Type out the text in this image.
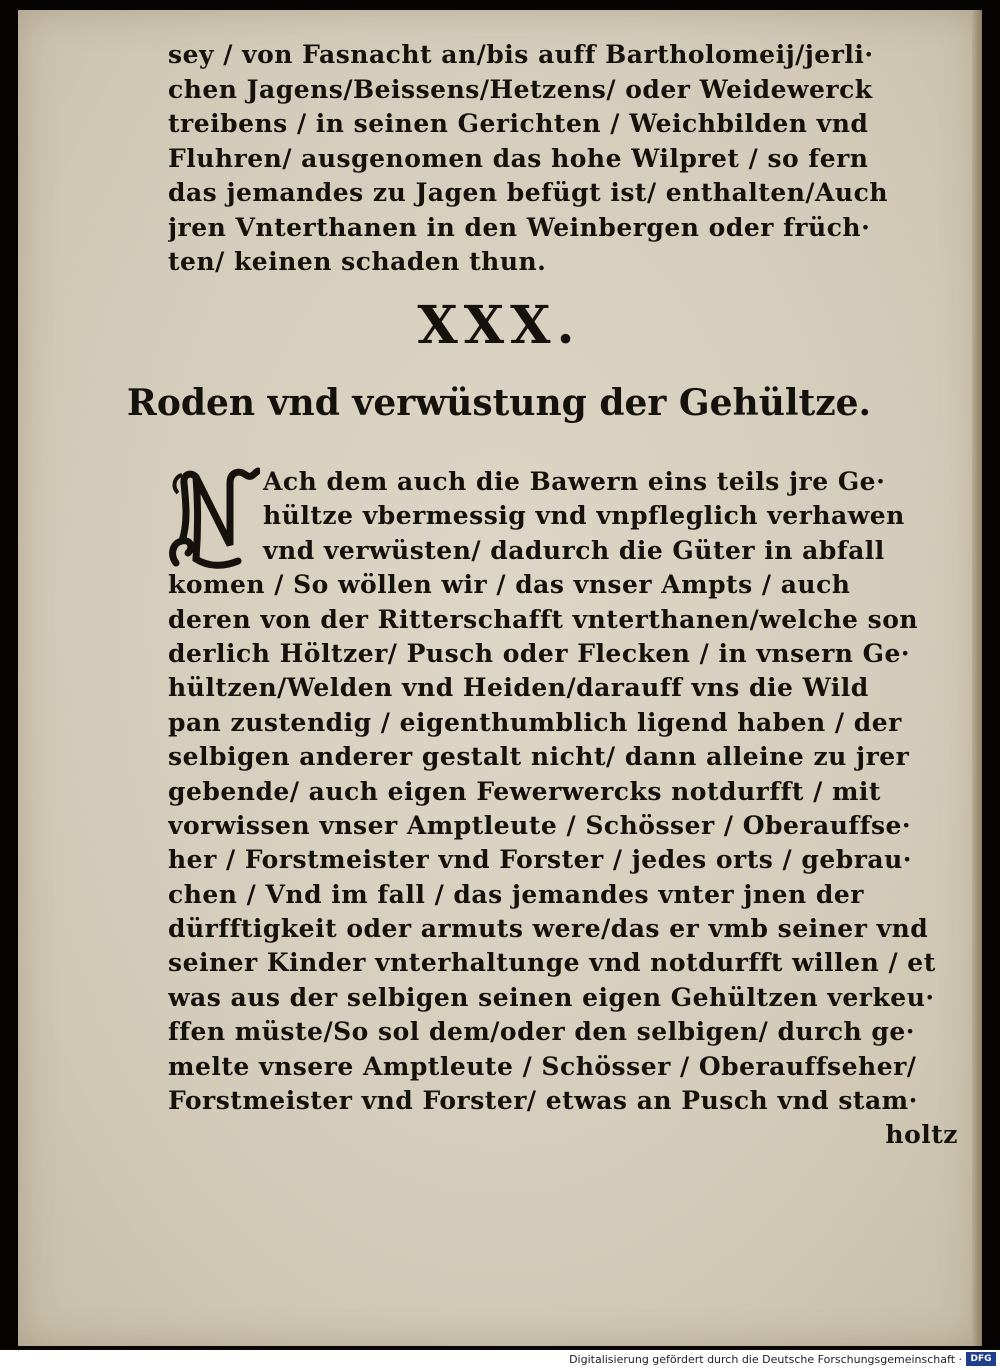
sey / von Fasnacht an/bis auff Bartholomeij/jerli·
chen Jagens/Beissens/Hetzens/ oder Weidewerck
treibens / in seinen Gerichten / Weichbilden vnd
Fluhren/ ausgenomen das hohe Wilpret / so fern
das jemandes zu Jagen befügt ist/ enthalten/Auch
jren Vnterthanen in den Weinbergen oder früch·
ten/ keinen schaden thun.
XXX.
Roden vnd verwüstung der Gehültze.
Ach dem auch die Bawern eins teils jre Ge·
hültze vbermessig vnd vnpfleglich verhawen
vnd verwüsten/ dadurch die Güter in abfall
komen / So wöllen wir / das vnser Ampts / auch
deren von der Ritterschafft vnterthanen/welche son
derlich Höltzer/ Pusch oder Flecken / in vnsern Ge·
hültzen/Welden vnd Heiden/darauff vns die Wild
pan zustendig / eigenthumblich ligend haben / der
selbigen anderer gestalt nicht/ dann alleine zu jrer
gebende/ auch eigen Fewerwercks notdurfft / mit
vorwissen vnser Amptleute / Schösser / Oberauffse·
her / Forstmeister vnd Forster / jedes orts / gebrau·
chen / Vnd im fall / das jemandes vnter jnen der
dürfftigkeit oder armuts were/das er vmb seiner vnd
seiner Kinder vnterhaltunge vnd notdurfft willen / et
was aus der selbigen seinen eigen Gehültzen verkeu·
ffen müste/So sol dem/oder den selbigen/ durch ge·
melte vnsere Amptleute / Schösser / Oberauffseher/
Forstmeister vnd Forster/ etwas an Pusch vnd stam·
holtz
Digitalisierung gefördert durch die Deutsche Forschungsgemeinschaft · DFG
